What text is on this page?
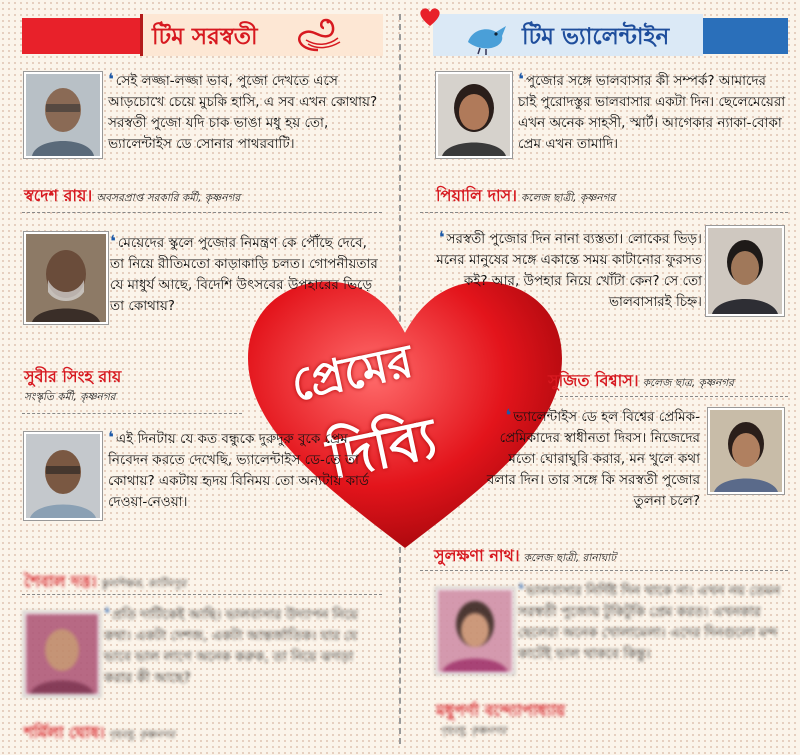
টিম সরস্বতী	টিম ভ্যালেন্টাইন
প্রেমের
দিব্যি
❛ সেই লজ্জা-লজ্জা ভাব, পুজো দেখতে এসে আড়চোখে চেয়ে মুচকি হাসি, এ সব এখন কোথায়? সরস্বতী পুজো যদি চাক ভাঙা মধু হয় তো, ভ্যালেন্টাইস ডে সোনার পাথরবাটি।
স্বদেশ রায়। অবসরপ্রাপ্ত সরকারি কর্মী, কৃষ্ণনগর
❛ মেয়েদের স্কুলে পুজোর নিমন্ত্রণ কে পৌঁছে দেবে, তা নিয়ে রীতিমতো কাড়াকাড়ি চলত। গোপনীয়তার যে মাধুর্য আছে, বিদেশি উৎসবের উপহারের ভিড়ে তা কোথায়?
সুবীর সিংহ রায়
সংস্কৃতি কর্মী, কৃষ্ণনগর
❛ এই দিনটায় যে কত বন্ধুকে দুরুদুরু বুকে প্রেম নিবেদন করতে দেখেছি, ভ্যালেন্টাইস ডে-তে তা কোথায়? একটায় হৃদয় বিনিময় তো অন্যটায় কার্ড দেওয়া-নেওয়া।
শৈবাল দত্ত। স্কুলশিক্ষক, কাটিনপুর
❛ প্রতি দাটিকেই আছি। ভালবাসার উদ্যাপন নিয়ে কথা। একটা দেশজ, একটা আন্তর্জাতিক। যার যে ভাবে ভাল লাগে অনেক করুক, তা নিয়ে ঝগড়া করার কী আছে?
শর্মিলা ঘোষ। গৃহবধূ, কৃষ্ণনগর
❛ পুজোর সঙ্গে ভালবাসার কী সম্পর্ক? আমাদের চাই পুরোদস্তুর ভালবাসার একটা দিন। ছেলেমেয়েরা এখন অনেক সাহসী, স্মার্ট। আগেকার ন্যাকা-বোকা প্রেম এখন তামাদি।
পিয়ালি দাস। কলেজ ছাত্রী, কৃষ্ণনগর
❛ সরস্বতী পুজোর দিন নানা ব্যস্ততা। লোকের ভিড়। মনের মানুষের সঙ্গে একান্তে সময় কাটানোর ফুরসত কই? আর, উপহার নিয়ে খোঁটা কেন? সে তো ভালবাসারই চিহ্ন।
সুজিত বিশ্বাস। কলেজ ছাত্র, কৃষ্ণনগর
❛ ভ্যালেন্টাইস ডে হল বিশ্বের প্রেমিক-প্রেমিকাদের স্বাধীনতা দিবস। নিজেদের মতো ঘোরাঘুরি করার, মন খুলে কথা বলার দিন। তার সঙ্গে কি সরস্বতী পুজোর তুলনা চলে?
সুলক্ষণা নাথ। কলেজ ছাত্রী, রানাঘাট
❛ ভালবাসার নির্দিষ্ট দিন থাকে না। এখন নয় তেমন সরস্বতী পুজোয় টুকিটুকি প্রেম করত। এখনকার ছেলেরা অনেক খোলামেলা। এদের দিনগুলো মন্দ কাটেই ভাল থাকবে কিন্তু।
মধুপর্ণা বন্দ্যোপাধ্যায়
গৃহবধূ, কৃষ্ণনগর
